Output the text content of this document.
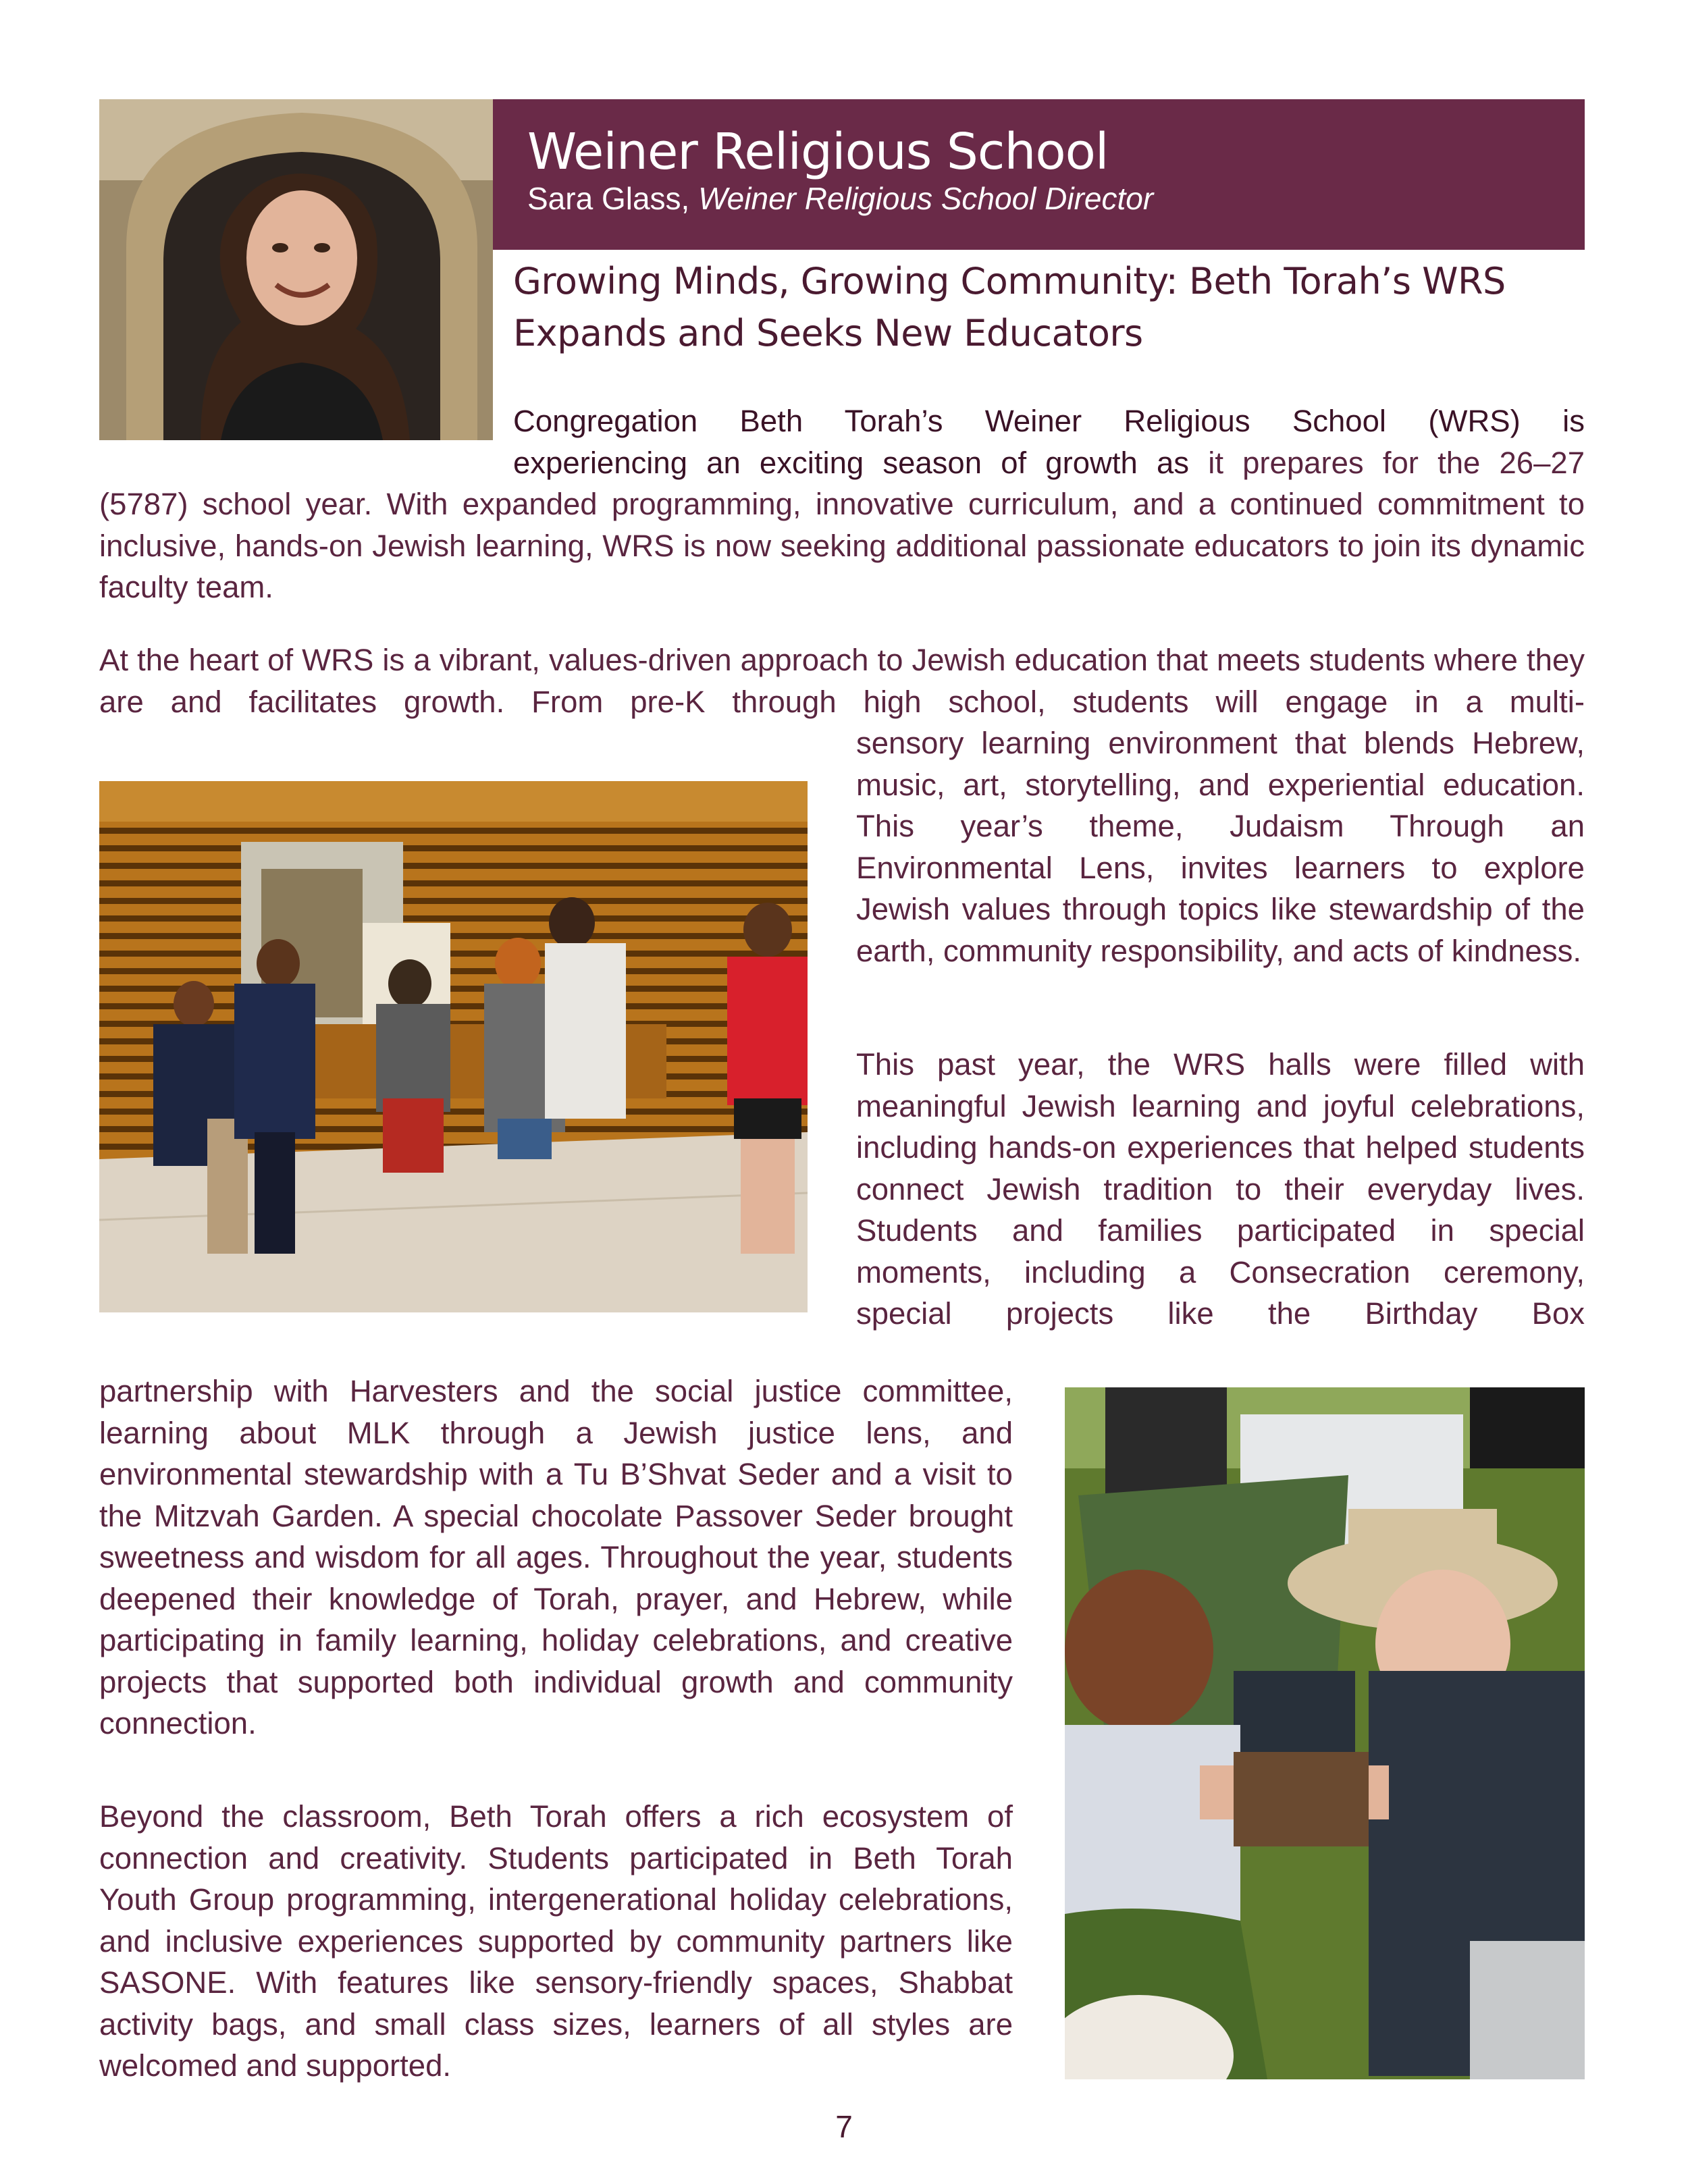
Weiner Religious School
Sara Glass, Weiner Religious School Director
Growing Minds, Growing Community: Beth Torah’s WRS
Expands and Seeks New Educators

Congregation Beth Torah’s Weiner Religious School (WRS) is

experiencing an exciting season of growth as it prepares for the 26–27

(5787) school year. With expanded programming, innovative curriculum, and a continued commitment to inclusive, hands-on Jewish learning, WRS is now seeking additional passionate educators to join its dynamic faculty team.

At the heart of WRS is a vibrant, values-driven approach to Jewish education that meets students where they are and facilitates growth. From pre-K through high school, students will engage in a multi-

sensory learning environment that blends Hebrew, music, art, storytelling, and experiential education. This year’s theme, Judaism Through an Environmental Lens, invites learners to explore Jewish values through topics like stewardship of the earth, community responsibility, and acts of kindness.

This past year, the WRS halls were filled with meaningful Jewish learning and joyful celebrations, including hands-on experiences that helped students connect Jewish tradition to their everyday lives. Students and families participated in special moments, including a Consecration ceremony, special projects like the Birthday Box

partnership with Harvesters and the social justice committee, learning about MLK through a Jewish justice lens, and environmental stewardship with a Tu B’Shvat Seder and a visit to the Mitzvah Garden. A special chocolate Passover Seder brought sweetness and wisdom for all ages. Throughout the year, students deepened their knowledge of Torah, prayer, and Hebrew, while participating in family learning, holiday celebrations, and creative projects that supported both individual growth and community connection.

Beyond the classroom, Beth Torah offers a rich ecosystem of connection and creativity. Students participated in Beth Torah Youth Group programming, intergenerational holiday celebrations, and inclusive experiences supported by community partners like SASONE. With features like sensory-friendly spaces, Shabbat activity bags, and small class sizes, learners of all styles are welcomed and supported.

7
